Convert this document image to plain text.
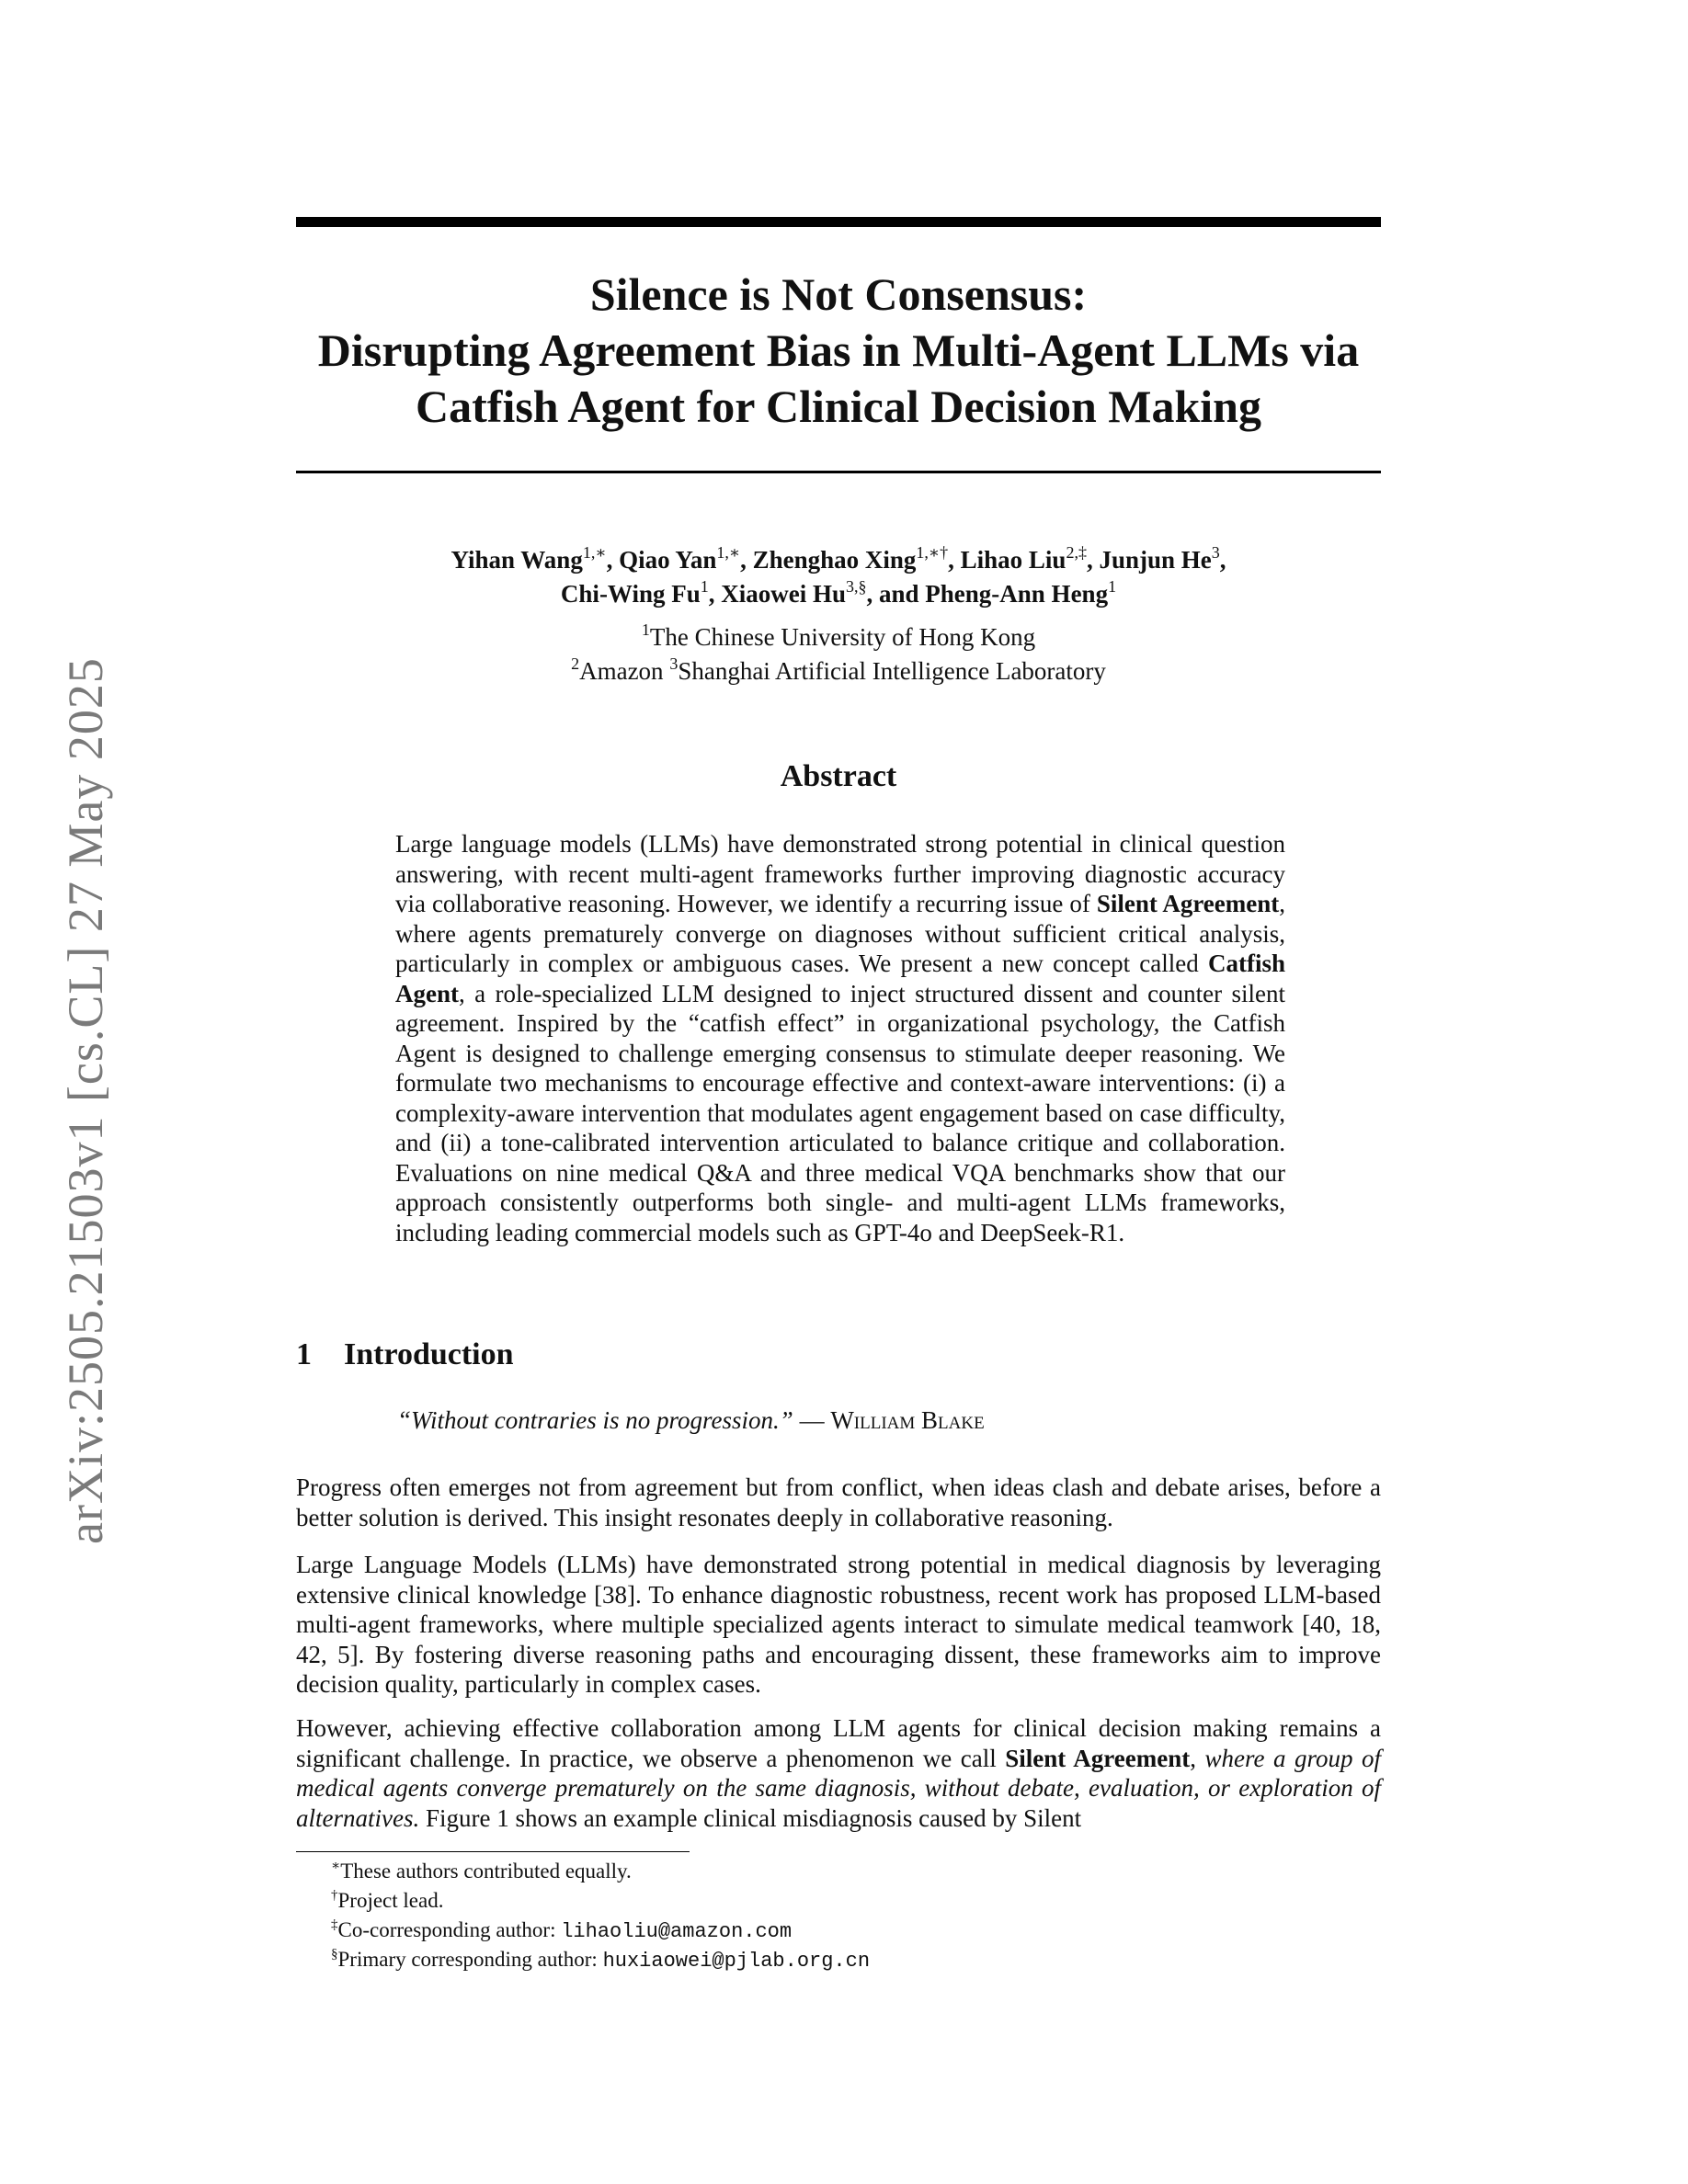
arXiv:2505.21503v1 [cs.CL] 27 May 2025
Silence is Not Consensus:
Disrupting Agreement Bias in Multi-Agent LLMs via
Catfish Agent for Clinical Decision Making
Yihan Wang$^{1,∗}$, Qiao Yan$^{1,∗}$, Zhenghao Xing$^{1,∗\dagger}$, Lihao Liu$^{2,\ddagger}$, Junjun He$^3$,
Chi-Wing Fu$^1$, Xiaowei $Hu^{3,\S}$, and Pheng-Ann Heng$^1$
$^1$The Chinese University of Hong Kong
$^2$Amazon $^3$Shanghai Artificial Intelligence Laboratory
Abstract
Large language models (LLMs) have demonstrated strong potential in clinical question answering, with recent multi-agent frameworks further improving diagnostic accuracy via collaborative reasoning. However, we identify a recurring issue of Silent Agreement, where agents prematurely converge on diagnoses without sufficient critical analysis, particularly in complex or ambiguous cases. We present a new concept called Catfish Agent, a role-specialized LLM designed to inject structured dissent and counter silent agreement. Inspired by the “catfish effect” in organizational psychology, the Catfish Agent is designed to challenge emerging consensus to stimulate deeper reasoning. We formulate two mechanisms to encourage effective and context-aware interventions: (i) a complexity-aware intervention that modulates agent engagement based on case difficulty, and (ii) a tone-calibrated intervention articulated to balance critique and collaboration. Evaluations on nine medical Q&A and three medical VQA benchmarks show that our approach consistently outperforms both single- and multi-agent LLMs frameworks, including leading commercial models such as GPT-4o and DeepSeek-R1.
1 Introduction
“Without contraries is no progression.” — William Blake
Progress often emerges not from agreement but from conflict, when ideas clash and debate arises, before a better solution is derived. This insight resonates deeply in collaborative reasoning.
Large Language Models (LLMs) have demonstrated strong potential in medical diagnosis by leveraging extensive clinical knowledge [38]. To enhance diagnostic robustness, recent work has proposed LLM-based multi-agent frameworks, where multiple specialized agents interact to simulate medical teamwork [40, 18, 42, 5]. By fostering diverse reasoning paths and encouraging dissent, these frameworks aim to improve decision quality, particularly in complex cases.
However, achieving effective collaboration among LLM agents for clinical decision making remains a significant challenge. In practice, we observe a phenomenon we call Silent Agreement, where a group of medical agents converge prematurely on the same diagnosis, without debate, evaluation, or exploration of alternatives. Figure 1 shows an example clinical misdiagnosis caused by Silent
∗These authors contributed equally.
†Project lead.
‡Co-corresponding author: lihaoliu@amazon.com
§Primary corresponding author: huxiaowei@pjlab.org.cn
